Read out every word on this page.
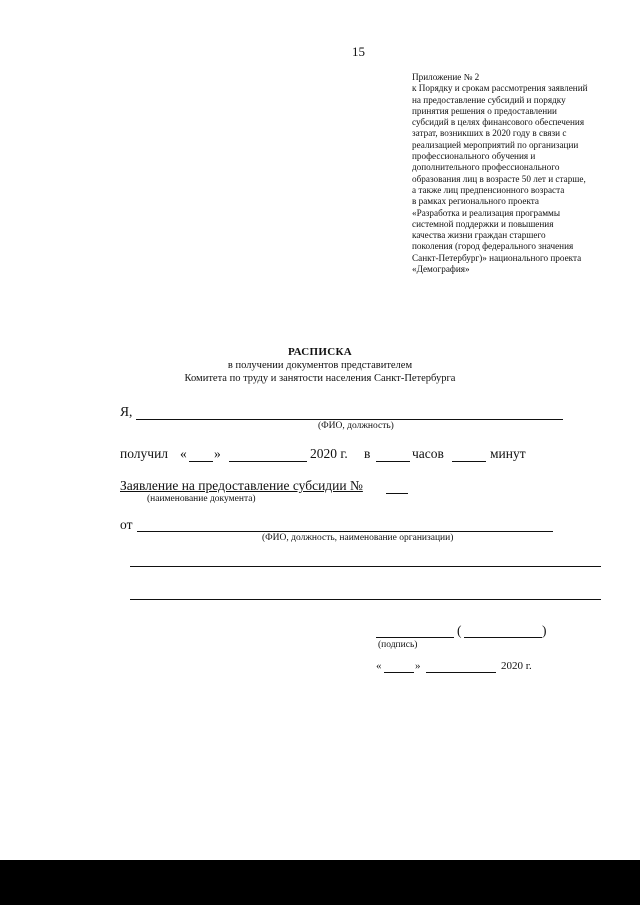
15
Приложение № 2
к Порядку и срокам рассмотрения заявлений
на предоставление субсидий и порядку
принятия решения о предоставлении
субсидий в целях финансового обеспечения
затрат, возникших в 2020 году в связи с
реализацией мероприятий по организации
профессионального обучения и
дополнительного профессионального
образования лиц в возрасте 50 лет и старше,
а также лиц предпенсионного возраста
в рамках регионального проекта
«Разработка и реализация программы
системной поддержки и повышения
качества жизни граждан старшего
поколения (город федерального значения
Санкт-Петербург)» национального проекта
«Демография»
РАСПИСКА
в получении документов представителем
Комитета по труду и занятости населения Санкт-Петербурга
Я,
(ФИО, должность)
получил « »	2020 г. в	часов	минут
Заявление на предоставление субсидии №
(наименование документа)
от
(ФИО, должность, наименование организации)
(	)
(подпись)
«	»	2020 г.
